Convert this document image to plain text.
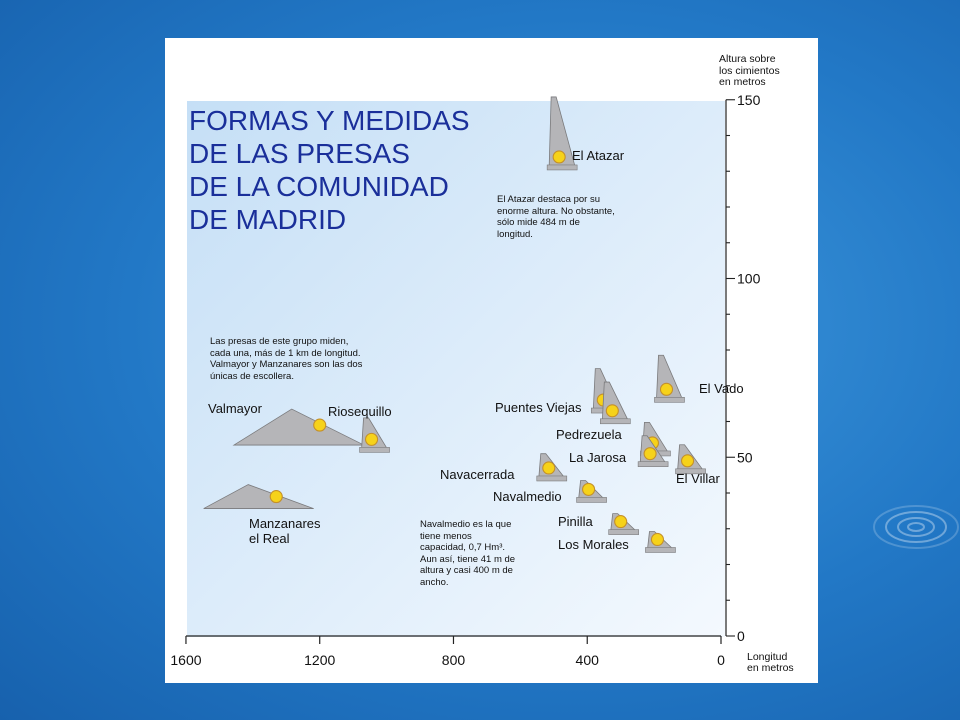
1600	1200	800	400	0
0
50
100
150
El Atazar
Puentes Viejas
El Vado
Pedrezuela
La Jarosa
El Villar
Navacerrada
Navalmedio
Pinilla
Los Morales
Valmayor	Riosequillo
Manzanares el Real
FORMAS Y MEDIDAS
DE LAS PRESAS
DE LA COMUNIDAD
DE MADRID

El Atazar destaca por su
enorme altura. No obstante,
sólo mide 484 m de
longitud.

Las presas de este grupo miden,
cada una, más de 1 km de longitud.
Valmayor y Manzanares son las dos
únicas de escollera.

Navalmedio es la que
tiene menos
capacidad, 0,7 Hm³.
Aun así, tiene 41 m de
altura y casi 400 m de
ancho.

Altura sobre
los cimientos
en metros

Longitud
en metros
